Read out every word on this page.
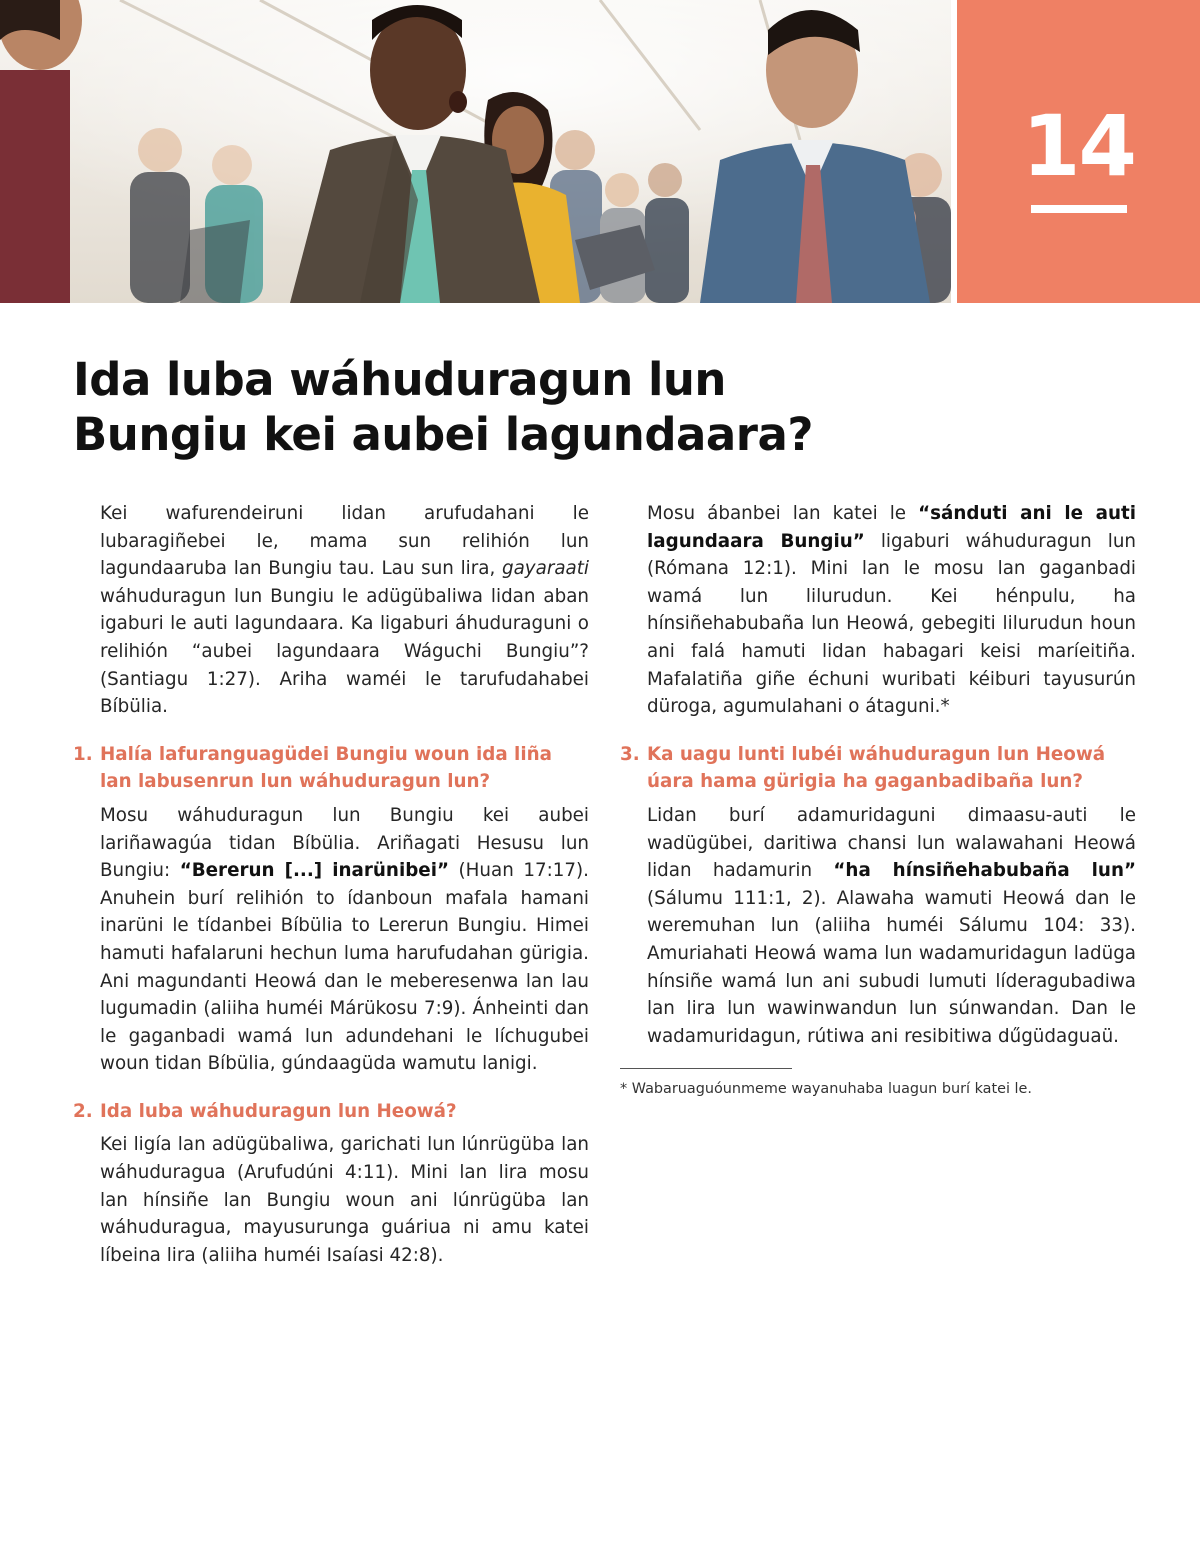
14
Ida luba wáhuduragun lun
Bungiu kei aubei lagundaara?

Kei wafurendeiruni lidan arufudahani le lubaragiñebei le, mama sun relihión lun lagundaaruba lan Bungiu tau. Lau sun lira, gayaraati wáhuduragun lun Bungiu le adügübaliwa lidan aban igaburi le auti lagundaara. Ka ligaburi áhuduraguni o relihión “aubei lagundaara Wáguchi Bungiu”? (Santiagu 1:27). Ariha waméi le tarufudahabei Bíbülia.

1. Halía lafuranguagüdei Bungiu woun ida liña lan labusenrun lun wáhuduragun lun?

Mosu wáhuduragun lun Bungiu kei aubei lariñawagúa tidan Bíbülia. Ariñagati Hesusu lun Bungiu: “Bererun [...] inarünibei” (Huan 17:17). Anuhein burí relihión to ídanboun mafala hamani inarüni le tídanbei Bíbülia to Lererun Bungiu. Himei hamuti hafalaruni hechun luma harufudahan gürigia. Ani magundanti Heowá dan le meberesenwa lan lau lugumadin (aliiha huméi Márükosu 7:9). Ánheinti dan le gaganbadi wamá lun adundehani le líchugubei woun tidan Bíbülia, gúndaagüda wamutu lanigi.

2. Ida luba wáhuduragun lun Heowá?

Kei ligía lan adügübaliwa, garichati lun lúnrügüba lan wáhuduragua (Arufudúni 4:11). Mini lan lira mosu lan hínsiñe lan Bungiu woun ani lúnrügüba lan wáhuduragua, mayusurunga guáriua ni amu katei líbeina lira (aliiha huméi Isaíasi 42:8).

Mosu ábanbei lan katei le “sánduti ani le auti lagundaara Bungiu” ligaburi wáhuduragun lun (Rómana 12:1). Mini lan le mosu lan gaganbadi wamá lun lilurudun. Kei hénpulu, ha hínsiñehabubaña lun Heowá, gebegiti lilurudun houn ani falá hamuti lidan habagari keisi maríeitiña. Mafalatiña giñe échuni wuribati kéiburi tayusurún düroga, agumulahani o átaguni.*

3. Ka uagu lunti lubéi wáhuduragun lun Heowá úara hama gürigia ha gaganbadibaña lun?

Lidan burí adamuridaguni dimaasu-auti le wadügübei, daritiwa chansi lun walawahani Heowá lidan hadamurin “ha hínsiñehabubaña lun” (Sálumu 111:1, 2). Alawaha wamuti Heowá dan le weremuhan lun (aliiha huméi Sálumu 104: 33). Amuriahati Heowá wama lun wadamuridagun ladüga hínsiñe wamá lun ani subudi lumuti líderagubadiwa lan lira lun wawinwandun lun súnwandan. Dan le wadamuridagun, rútiwa ani resibitiwa dűgüdaguaü.

* Wabaruaguóunmeme wayanuhaba luagun burí katei le.
